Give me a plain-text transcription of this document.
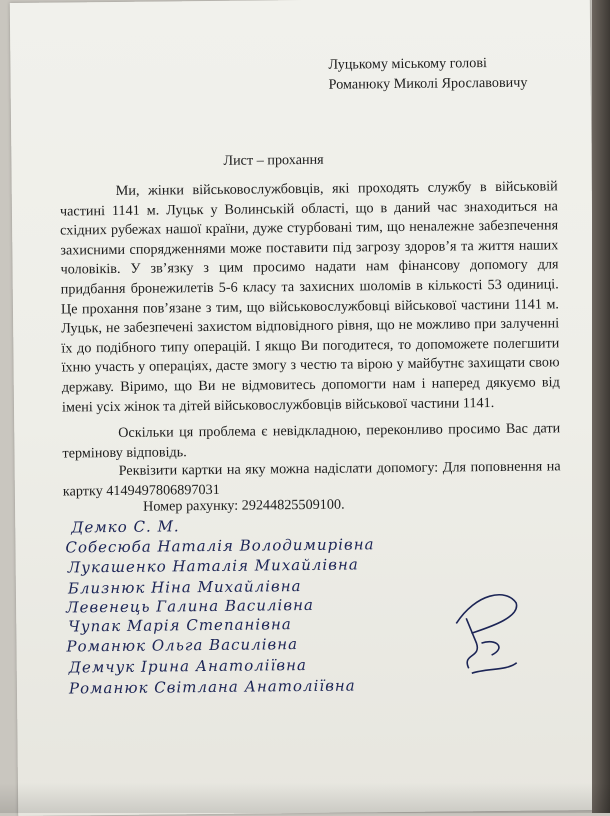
Луцькому міському голові
Романюку Миколі Ярославовичу
Лист – прохання
Ми, жінки військовослужбовців, які проходять службу в військовій частині 1141 м. Луцьк у Волинській області, що в даний час знаходиться на східних рубежах нашої країни, дуже стурбовані тим, що неналежне забезпечення захисними спорядженнями може поставити під загрозу здоров’я та життя наших чоловіків. У зв’язку з цим просимо надати нам фінансову допомогу для придбання бронежилетів 5-6 класу та захисних шоломів в кількості 53 одиниці. Це прохання пов’язане з тим, що військовослужбовці військової частини 1141 м. Луцьк, не забезпечені захистом відповідного рівня, що не можливо при залученні їх до подібного типу операцій. І якщо Ви погодитеся, то допоможете полегшити їхню участь у операціях, дасте змогу з честю та вірою у майбутнє захищати свою державу. Віримо, що Ви не відмовитесь допомогти нам і наперед дякуємо від імені усіх жінок та дітей військовослужбовців військової частини 1141.
Оскільки ця проблема є невідкладною, переконливо просимо Вас дати термінову відповідь.
Реквізити картки на яку можна надіслати допомогу: Для поповнення на картку 4149497806897031
Номер рахунку: 29244825509100.
Демко С. М.
Собесюба Наталія Володимирівна
Лукашенко Наталія Михайлівна
Близнюк Ніна Михайлівна
Левенець Галина Василівна
Чупак Марія Степанівна
Романюк Ольга Василівна
Демчук Ірина Анатоліївна
Романюк Світлана Анатоліївна
